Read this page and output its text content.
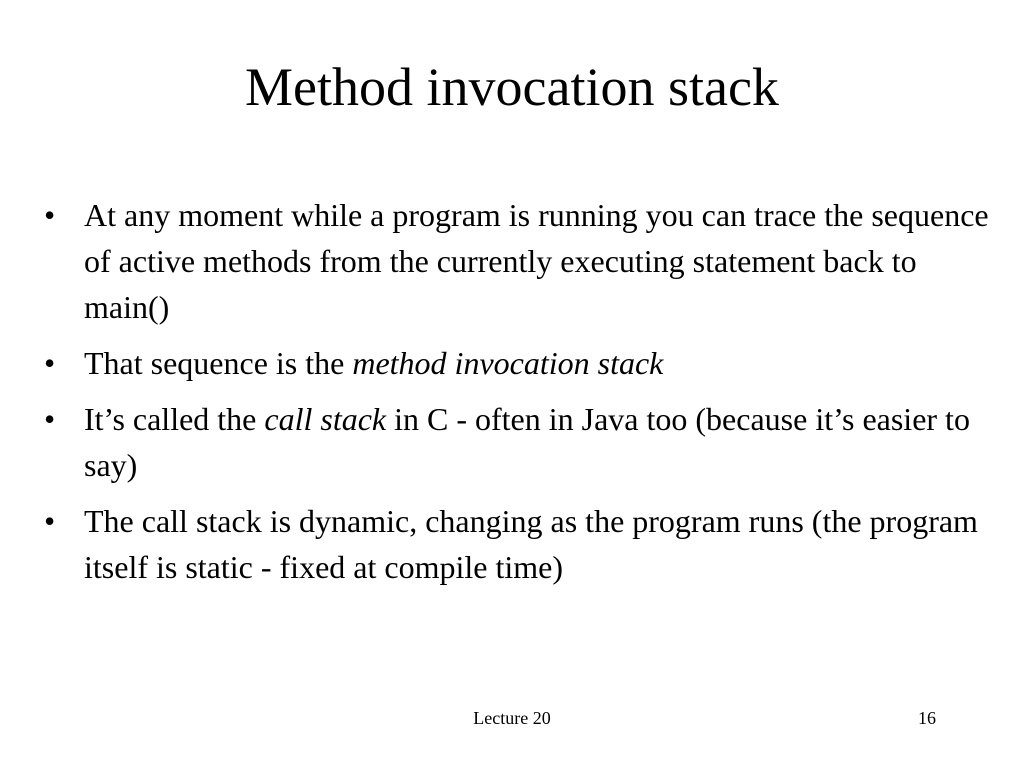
Method invocation stack
• At any moment while a program is running you can trace the sequence of active methods from the currently executing statement back to main()
• That sequence is the method invocation stack
• It’s called the call stack in C - often in Java too (because it’s easier to say)
• The call stack is dynamic, changing as the program runs (the program itself is static - fixed at compile time)
Lecture 20	16
